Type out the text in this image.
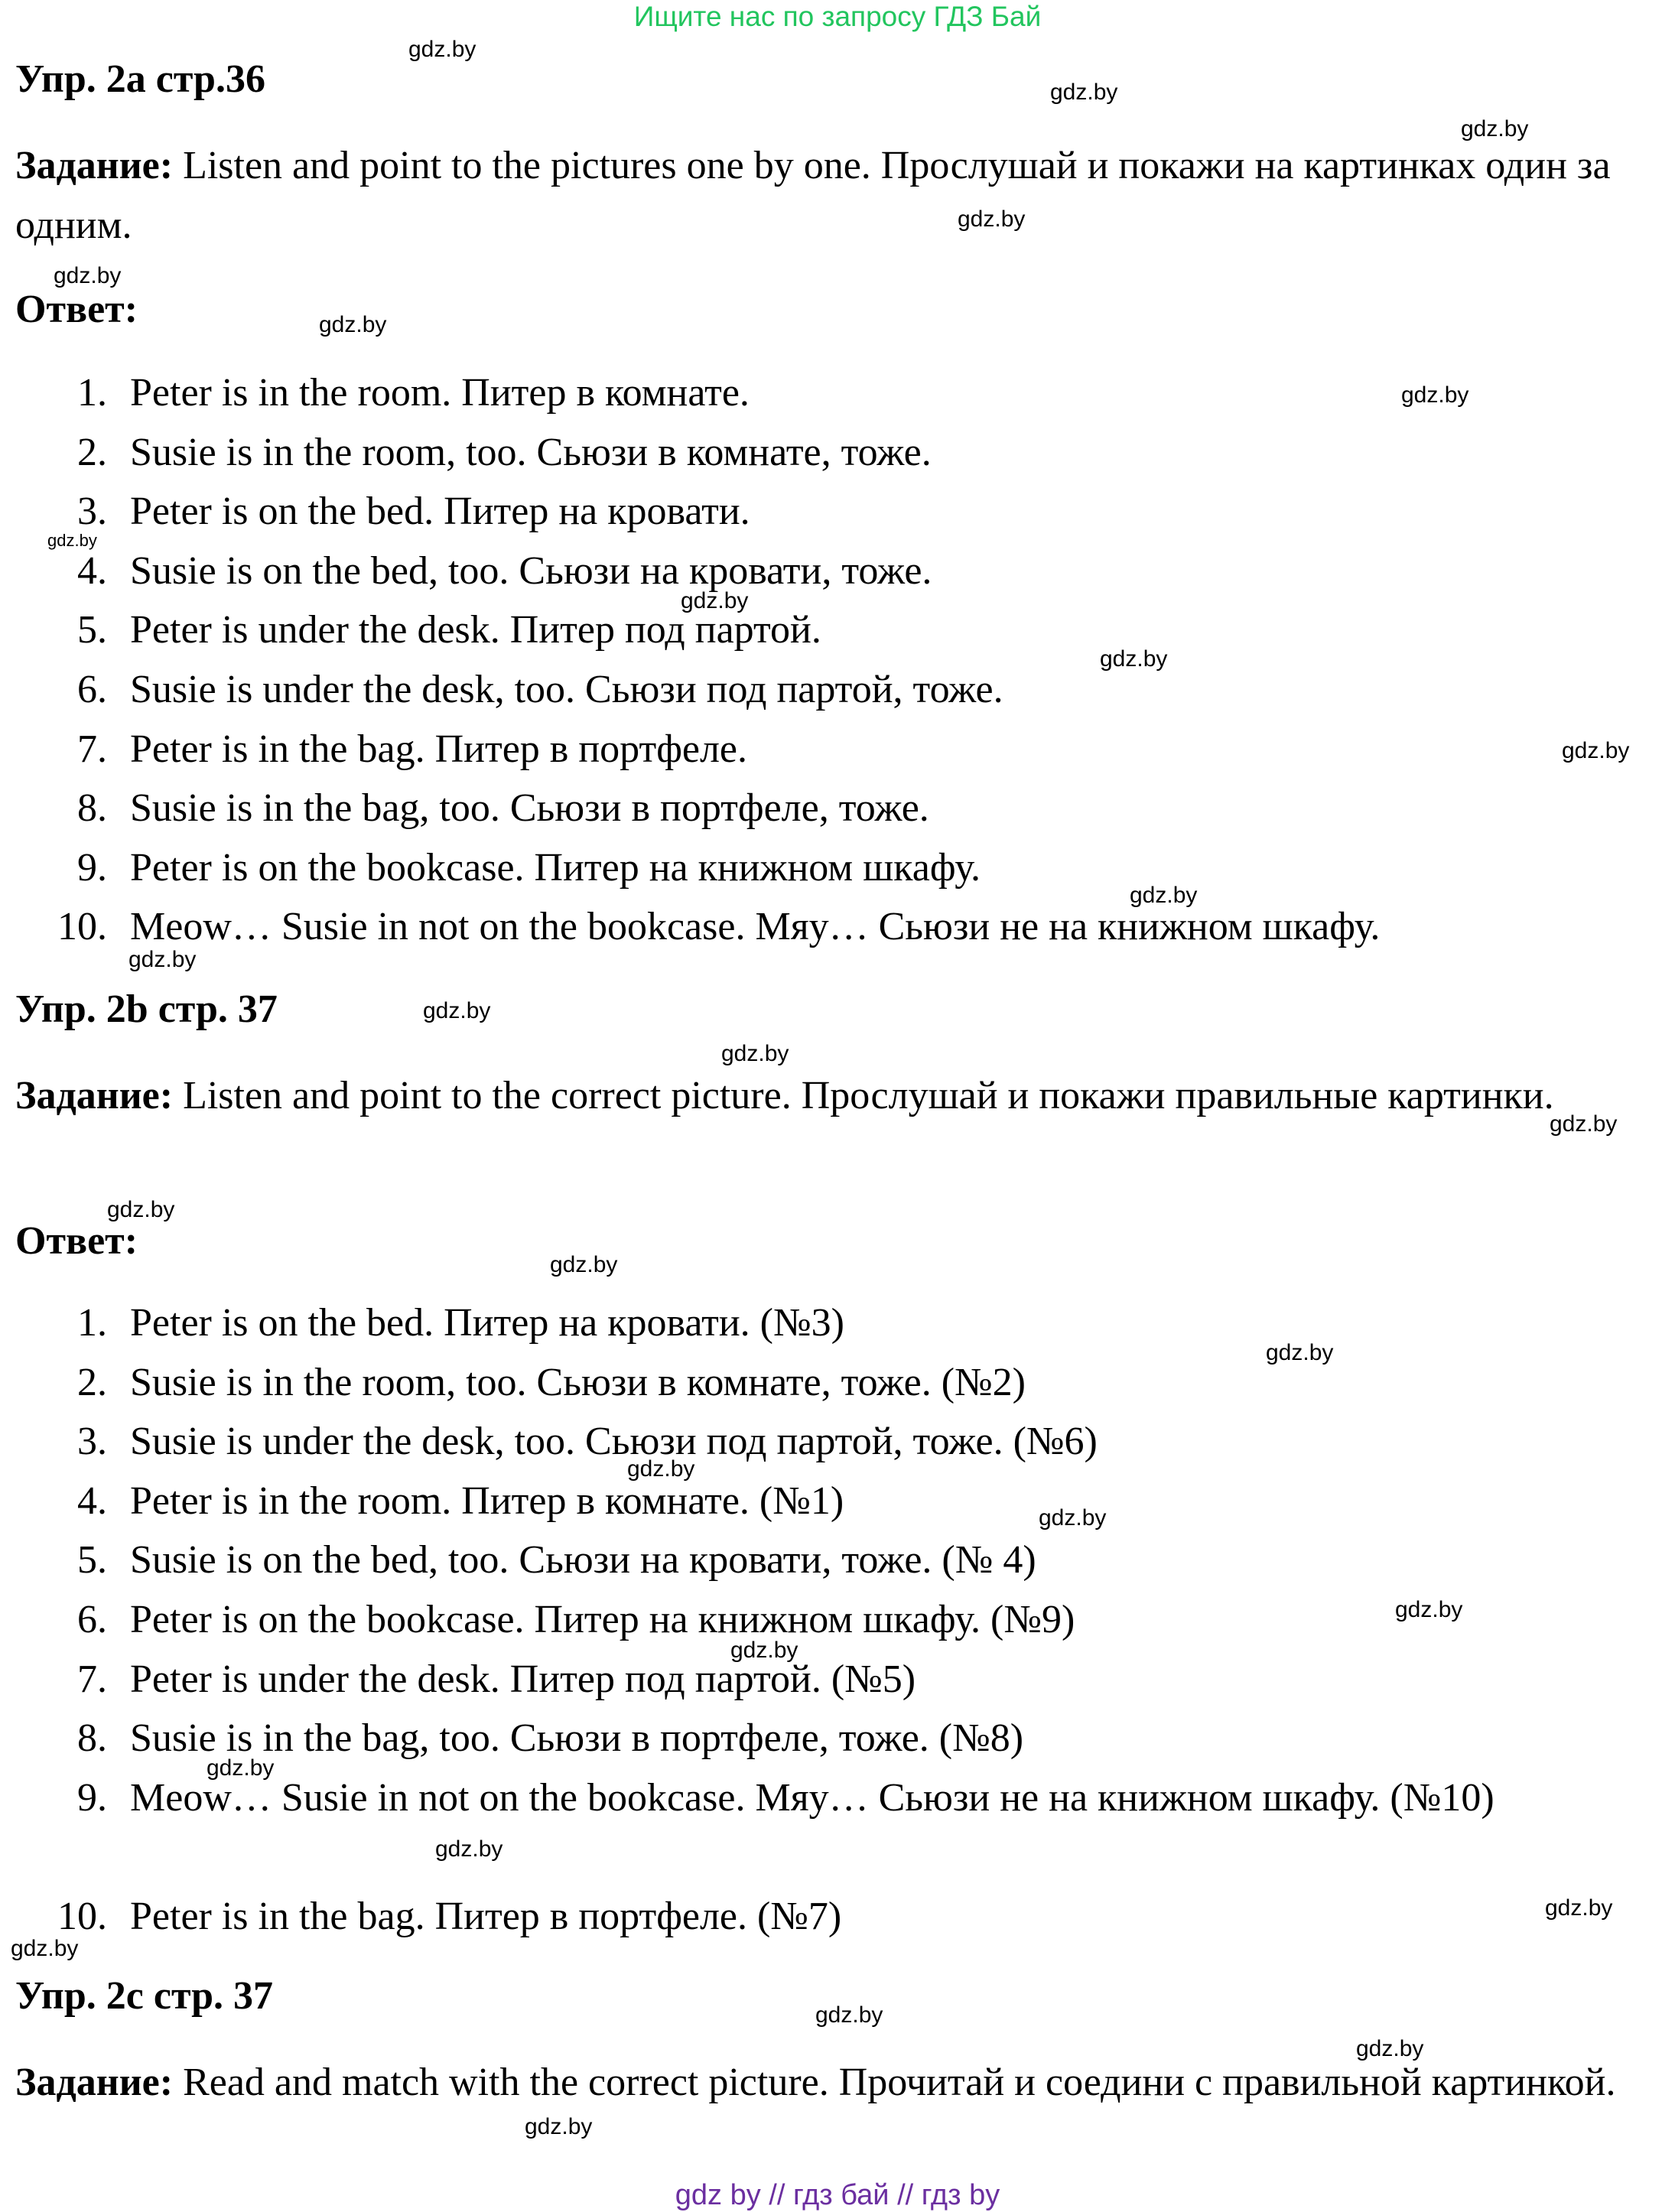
Ищите нас по запросу ГДЗ Бай
Упр. 2а стр.36
Задание: Listen and point to the pictures one by one. Прослушай и покажи на картинках один за одним.
Ответ:
1. Peter is in the room. Питер в комнате.
2. Susie is in the room, too. Сьюзи в комнате, тоже.
3. Peter is on the bed. Питер на кровати.
4. Susie is on the bed, too. Сьюзи на кровати, тоже.
5. Peter is under the desk. Питер под партой.
6. Susie is under the desk, too. Сьюзи под партой, тоже.
7. Peter is in the bag. Питер в портфеле.
8. Susie is in the bag, too. Сьюзи в портфеле, тоже.
9. Peter is on the bookcase. Питер на книжном шкафу.
10. Meow… Susie in not on the bookcase. Мяу… Сьюзи не на книжном шкафу.
Упр. 2b стр. 37
Задание: Listen and point to the correct picture. Прослушай и покажи правильные картинки.
Ответ:
1. Peter is on the bed. Питер на кровати. (№3)
2. Susie is in the room, too. Сьюзи в комнате, тоже. (№2)
3. Susie is under the desk, too. Сьюзи под партой, тоже. (№6)
4. Peter is in the room. Питер в комнате. (№1)
5. Susie is on the bed, too. Сьюзи на кровати, тоже. (№ 4)
6. Peter is on the bookcase. Питер на книжном шкафу. (№9)
7. Peter is under the desk. Питер под партой. (№5)
8. Susie is in the bag, too. Сьюзи в портфеле, тоже. (№8)
9. Meow… Susie in not on the bookcase. Мяу… Сьюзи не на книжном шкафу. (№10)
10. Peter is in the bag. Питер в портфеле. (№7)
Упр. 2c стр. 37
Задание: Read and match with the correct picture. Прочитай и соедини с правильной картинкой.
gdz.by
gdz.by
gdz.by
gdz.by
gdz.by
gdz.by
gdz.by
gdz.by
gdz.by
gdz.by
gdz.by
gdz.by
gdz.by
gdz.by
gdz.by
gdz.by
gdz.by
gdz.by
gdz.by
gdz.by
gdz.by
gdz.by
gdz.by
gdz.by
gdz.by
gdz.by
gdz.by
gdz.by
gdz.by
gdz.by
gdz by // гдз бай // гдз by
